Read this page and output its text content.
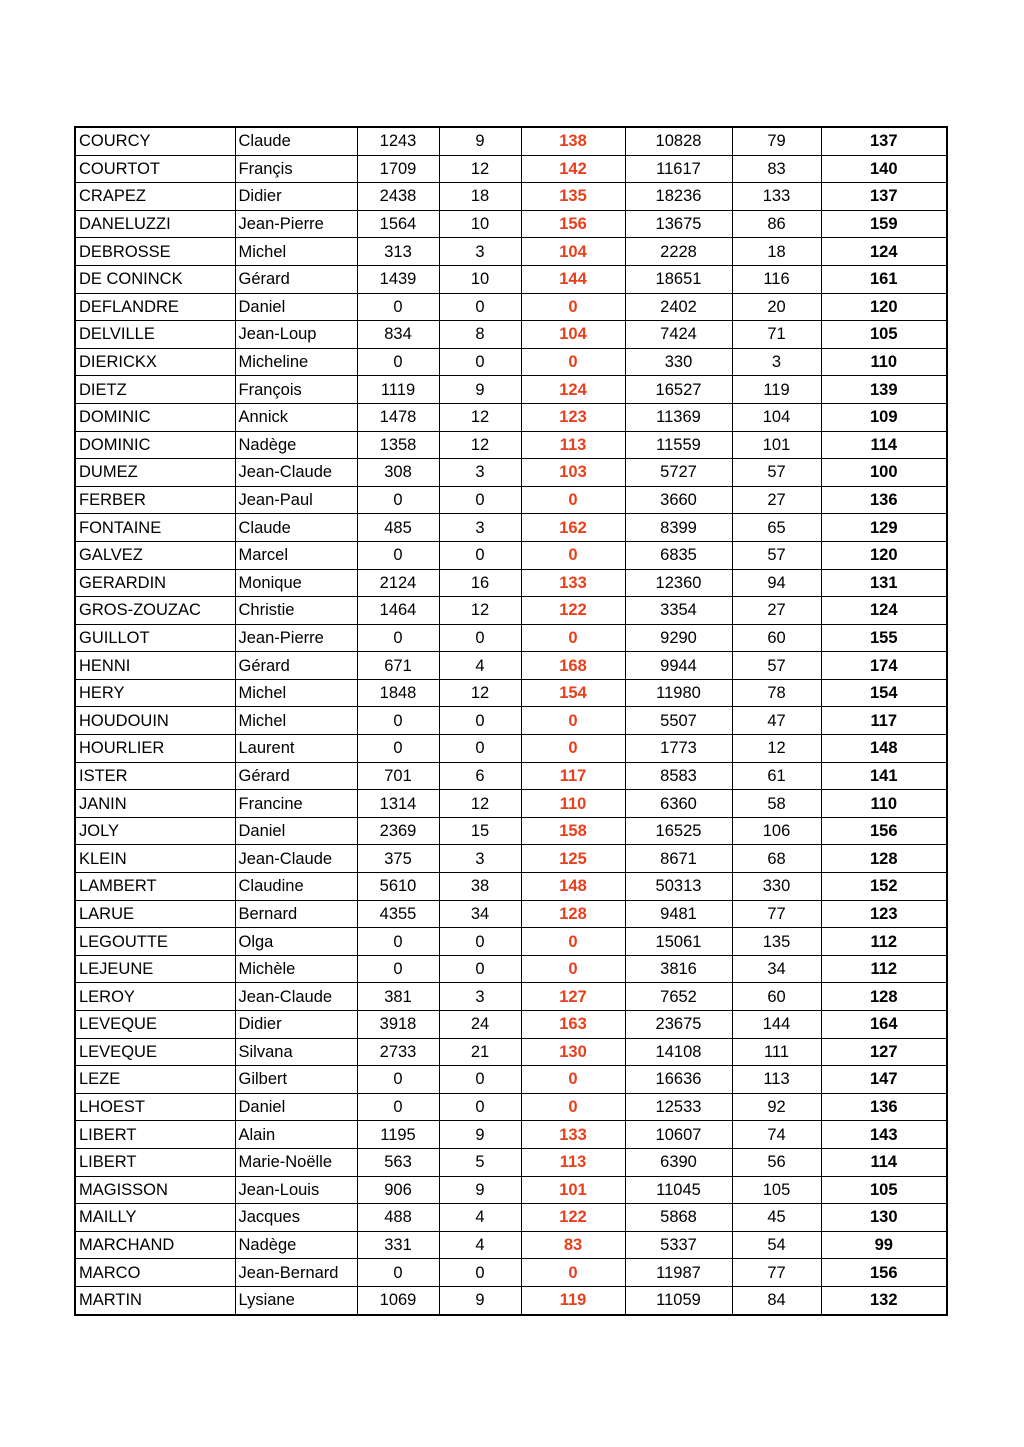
COURCY	Claude	1243	9	138	10828	79	137
COURTOT	Françis	1709	12	142	11617	83	140
CRAPEZ	Didier	2438	18	135	18236	133	137
DANELUZZI	Jean-Pierre	1564	10	156	13675	86	159
DEBROSSE	Michel	313	3	104	2228	18	124
DE CONINCK	Gérard	1439	10	144	18651	116	161
DEFLANDRE	Daniel	0	0	0	2402	20	120
DELVILLE	Jean-Loup	834	8	104	7424	71	105
DIERICKX	Micheline	0	0	0	330	3	110
DIETZ	François	1119	9	124	16527	119	139
DOMINIC	Annick	1478	12	123	11369	104	109
DOMINIC	Nadège	1358	12	113	11559	101	114
DUMEZ	Jean-Claude	308	3	103	5727	57	100
FERBER	Jean-Paul	0	0	0	3660	27	136
FONTAINE	Claude	485	3	162	8399	65	129
GALVEZ	Marcel	0	0	0	6835	57	120
GERARDIN	Monique	2124	16	133	12360	94	131
GROS-ZOUZAC	Christie	1464	12	122	3354	27	124
GUILLOT	Jean-Pierre	0	0	0	9290	60	155
HENNI	Gérard	671	4	168	9944	57	174
HERY	Michel	1848	12	154	11980	78	154
HOUDOUIN	Michel	0	0	0	5507	47	117
HOURLIER	Laurent	0	0	0	1773	12	148
ISTER	Gérard	701	6	117	8583	61	141
JANIN	Francine	1314	12	110	6360	58	110
JOLY	Daniel	2369	15	158	16525	106	156
KLEIN	Jean-Claude	375	3	125	8671	68	128
LAMBERT	Claudine	5610	38	148	50313	330	152
LARUE	Bernard	4355	34	128	9481	77	123
LEGOUTTE	Olga	0	0	0	15061	135	112
LEJEUNE	Michèle	0	0	0	3816	34	112
LEROY	Jean-Claude	381	3	127	7652	60	128
LEVEQUE	Didier	3918	24	163	23675	144	164
LEVEQUE	Silvana	2733	21	130	14108	111	127
LEZE	Gilbert	0	0	0	16636	113	147
LHOEST	Daniel	0	0	0	12533	92	136
LIBERT	Alain	1195	9	133	10607	74	143
LIBERT	Marie-Noëlle	563	5	113	6390	56	114
MAGISSON	Jean-Louis	906	9	101	11045	105	105
MAILLY	Jacques	488	4	122	5868	45	130
MARCHAND	Nadège	331	4	83	5337	54	99
MARCO	Jean-Bernard	0	0	0	11987	77	156
MARTIN	Lysiane	1069	9	119	11059	84	132
